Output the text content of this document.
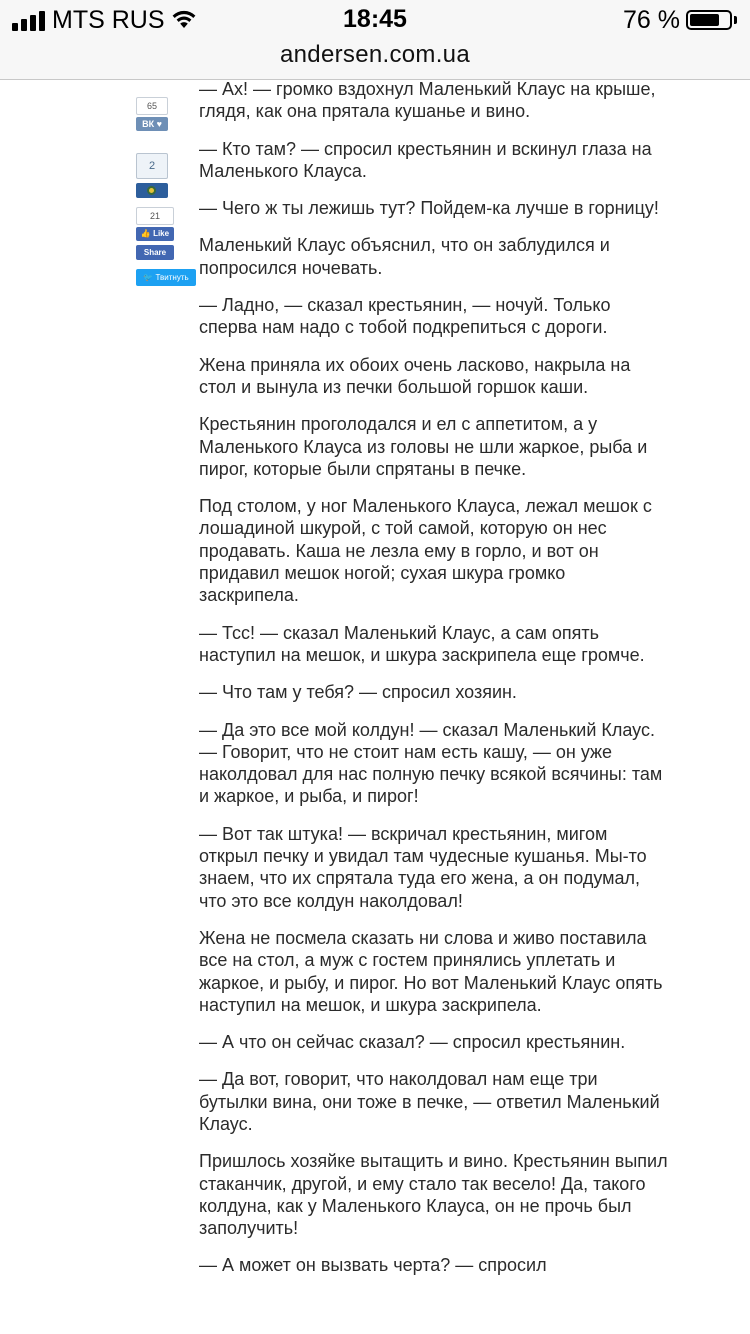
MTS RUS	18:45	76 %
andersen.com.ua
65
ВК ♥
2
21
👍 Like
Share
🐦 Твитнуть

— Ах! — громко вздохнул Маленький Клаус на крыше, глядя, как она прятала кушанье и вино.

— Кто там? — спросил крестьянин и вскинул глаза на Маленького Клауса.

— Чего ж ты лежишь тут? Пойдем-ка лучше в горницу!

Маленький Клаус объяснил, что он заблудился и попросился ночевать.

— Ладно, — сказал крестьянин, — ночуй. Только сперва нам надо с тобой подкрепиться с дороги.

Жена приняла их обоих очень ласково, накрыла на стол и вынула из печки большой горшок каши.

Крестьянин проголодался и ел с аппетитом, а у Маленького Клауса из головы не шли жаркое, рыба и пирог, которые были спрятаны в печке.

Под столом, у ног Маленького Клауса, лежал мешок с лошадиной шкурой, с той самой, которую он нес продавать. Каша не лезла ему в горло, и вот он придавил мешок ногой; сухая шкура громко заскрипела.

— Тсс! — сказал Маленький Клаус, а сам опять наступил на мешок, и шкура заскрипела еще громче.

— Что там у тебя? — спросил хозяин.

— Да это все мой колдун! — сказал Маленький Клаус. — Говорит, что не стоит нам есть кашу, — он уже наколдовал для нас полную печку всякой всячины: там и жаркое, и рыба, и пирог!

— Вот так штука! — вскричал крестьянин, мигом открыл печку и увидал там чудесные кушанья. Мы-то знаем, что их спрятала туда его жена, а он подумал, что это все колдун наколдовал!

Жена не посмела сказать ни слова и живо поставила все на стол, а муж с гостем принялись уплетать и жаркое, и рыбу, и пирог. Но вот Маленький Клаус опять наступил на мешок, и шкура заскрипела.

— А что он сейчас сказал? — спросил крестьянин.

— Да вот, говорит, что наколдовал нам еще три бутылки вина, они тоже в печке, — ответил Маленький Клаус.

Пришлось хозяйке вытащить и вино. Крестьянин выпил стаканчик, другой, и ему стало так весело! Да, такого колдуна, как у Маленького Клауса, он не прочь был заполучить!

— А может он вызвать черта? — спросил
